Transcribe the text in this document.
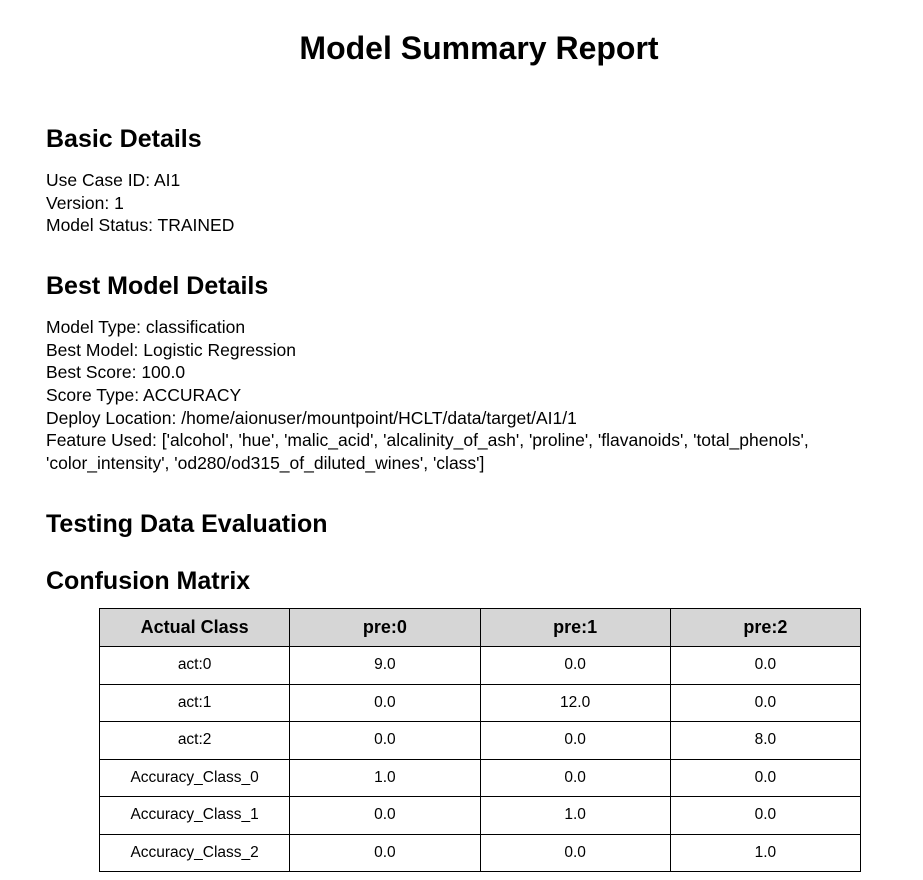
Model Summary Report
Basic Details
Use Case ID: AI1
Version: 1
Model Status: TRAINED
Best Model Details
Model Type: classification
Best Model: Logistic Regression
Best Score: 100.0
Score Type: ACCURACY
Deploy Location: /home/aionuser/mountpoint/HCLT/data/target/AI1/1
Feature Used: ['alcohol', 'hue', 'malic_acid', 'alcalinity_of_ash', 'proline', 'flavanoids', 'total_phenols', 'color_intensity', 'od280/od315_of_diluted_wines', 'class']
Testing Data Evaluation
Confusion Matrix
Actual Class	pre:0	pre:1	pre:2
act:0	9.0	0.0	0.0
act:1	0.0	12.0	0.0
act:2	0.0	0.0	8.0
Accuracy_Class_0	1.0	0.0	0.0
Accuracy_Class_1	0.0	1.0	0.0
Accuracy_Class_2	0.0	0.0	1.0
